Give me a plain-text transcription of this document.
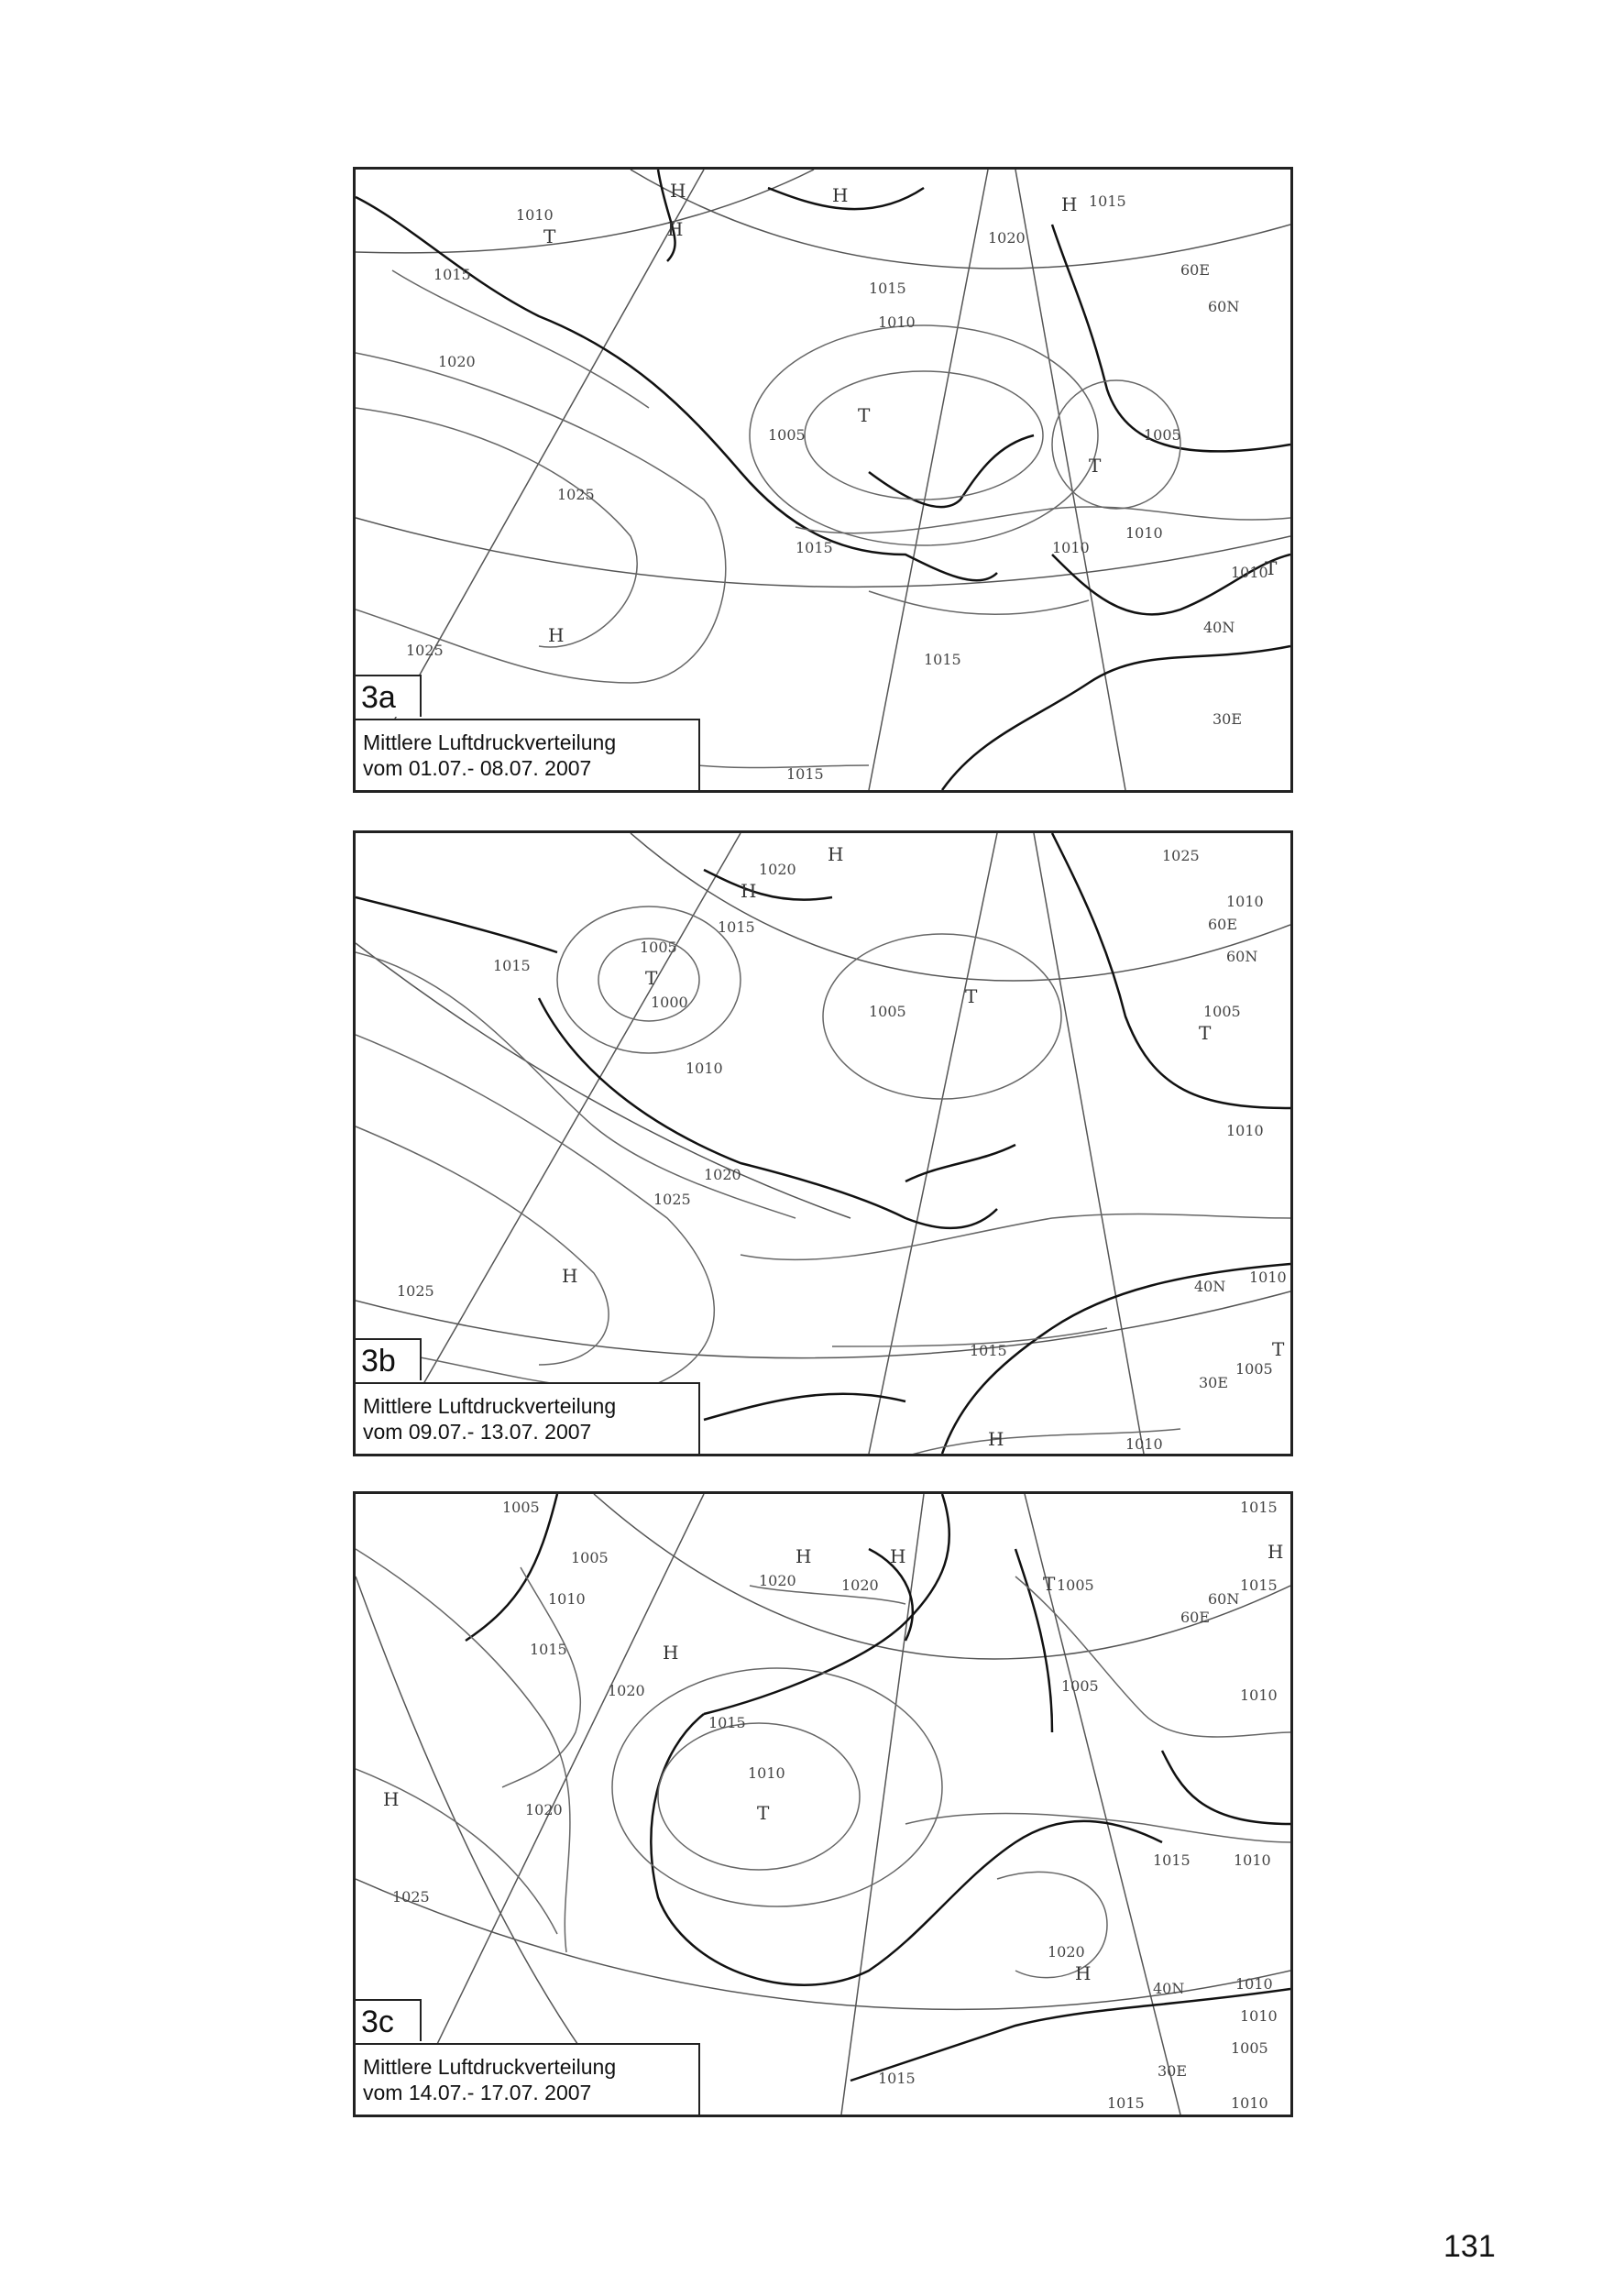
1010
1015
1020
1025
1025
1005
1010
1015
1020
1015	1010
1005
1010
1015
1015
1010
1015
T
H
H
H
H
T
T
T
H
60N
40N
30E
60E
3a
Mittlere Luftdruckverteilung
vom 01.07.- 08.07. 2007
1015
1005
1000
1010
1020
1025
1025
1020
1015
1005	1005
1010
1010
1015
1010
1005
1025
1010
T
H
H
H
T
T
T
H
60N
40N
30E
60E
3b
Mittlere Luftdruckverteilung
vom 09.07.- 13.07. 2007
1005
1005
1010
1015
1020
1020	1020
1015
1010
1025
1020
1005
1005
1015
1010
1015	1010
1010
1020
1015
1015	1010
1010
1005
1015
H	H
H
H
T
T
H
H
60N
40N
30E
60E
3c
Mittlere Luftdruckverteilung
vom 14.07.- 17.07. 2007
131
